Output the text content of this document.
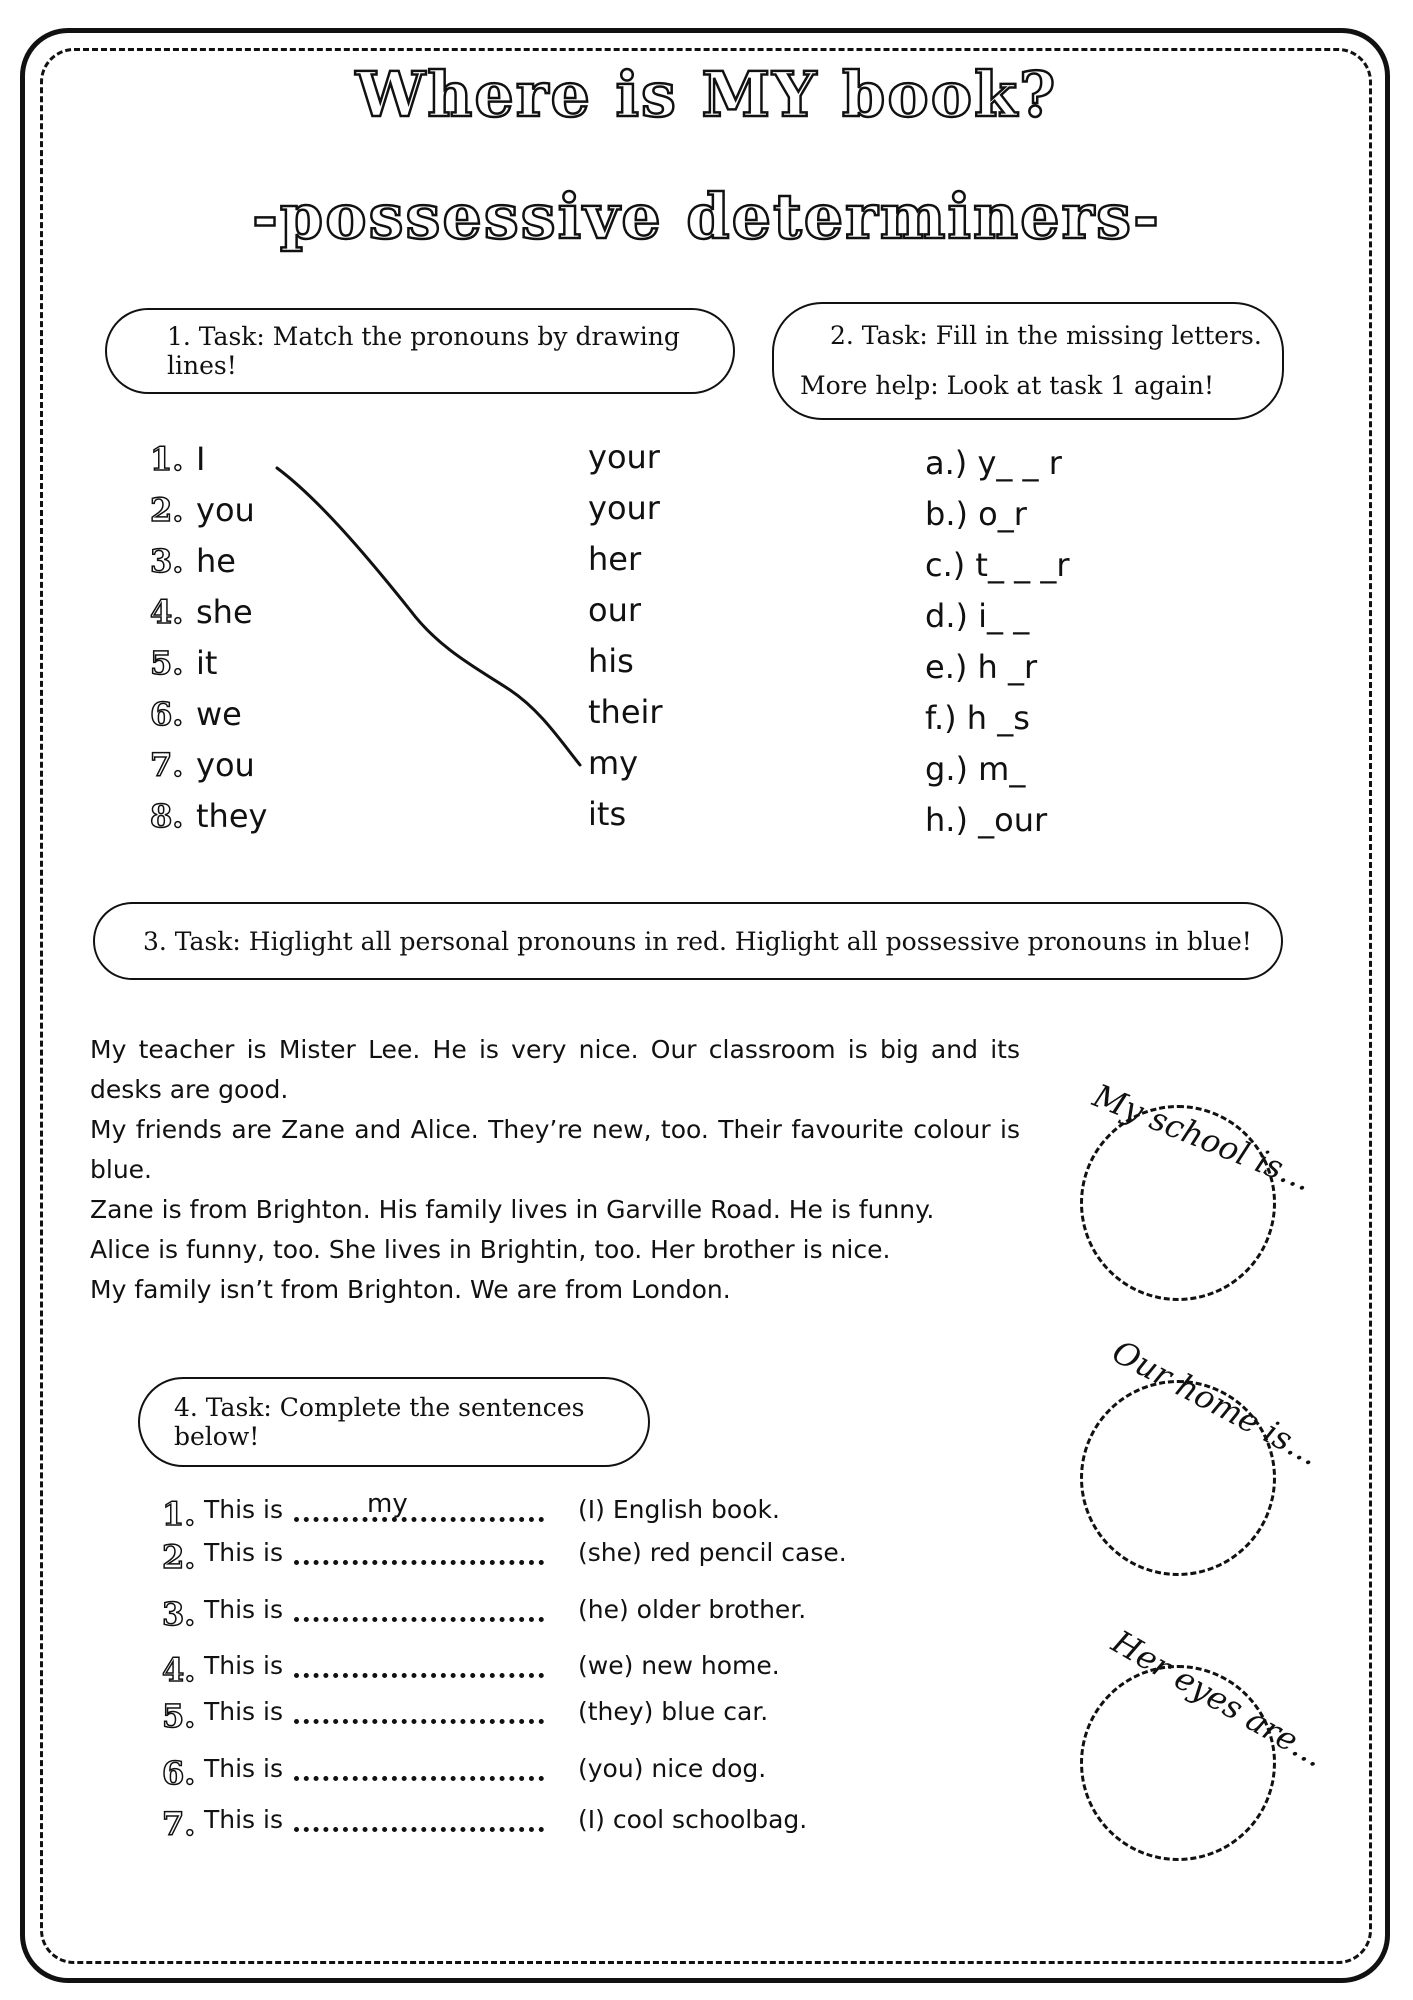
Where is MY book?
-possessive determiners-
1. Task: Match the pronouns by drawing lines!
1.
2.
3.
4.
5.
6.
7.
8.
I
you
he
she
it
we
you
they
your
your
her
our
his
their
my
its
2. Task: Fill in the missing letters.
More help: Look at task 1 again!
a.) y_ _ r
b.) o_r
c.) t_ _ _r
d.) i_ _
e.) h _r
f.) h _s
g.) m_
h.) _our
3. Task: Higlight all personal pronouns in red. Higlight all possessive pronouns in blue!

My teacher is Mister Lee. He is very nice. Our classroom is big and its desks are good.

My friends are Zane and Alice. They’re new, too. Their favourite colour is blue.

Zane is from Brighton. His family lives in Garville Road. He is funny.

Alice is funny, too. She lives in Brightin, too. Her brother is nice.

My family isn’t from Brighton. We are from London.

4. Task: Complete the sentences below!
1. This is	my	(I) English book.
2. This is	(she) red pencil case.
3. This is	(he) older brother.
4. This is	(we) new home.
5. This is	(they) blue car.
6. This is	(you) nice dog.
7. This is	(I) cool schoolbag.
My school is...
Our home is...
Her eyes are...
